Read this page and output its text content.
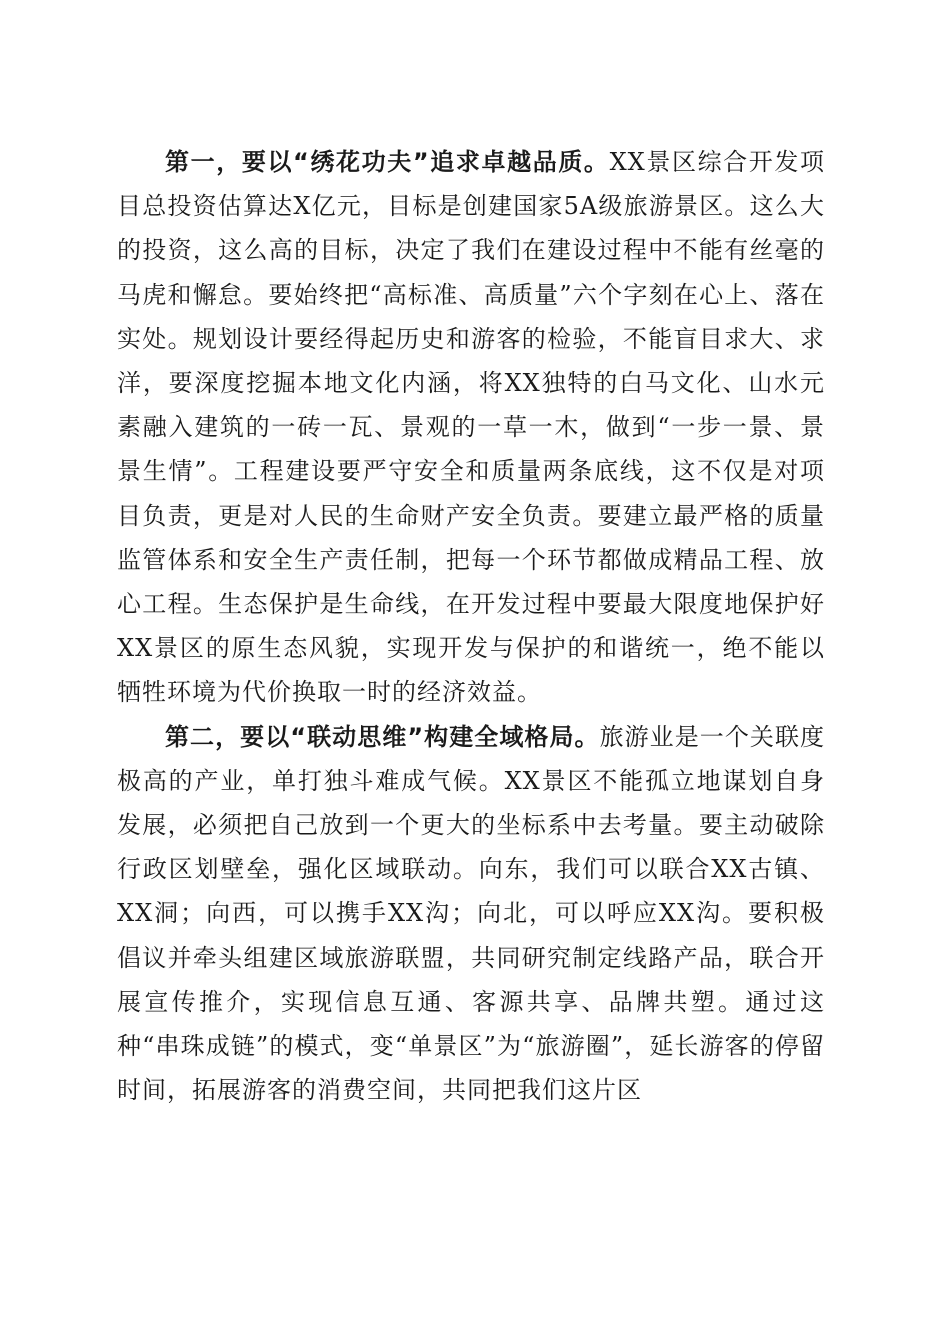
第一，要以“绣花功夫”追求卓越品质。XX景区综合开发项目总投资估算达X亿元，目标是创建国家5A级旅游景区。这么大的投资，这么高的目标，决定了我们在建设过程中不能有丝毫的马虎和懈怠。要始终把“高标准、高质量”六个字刻在心上、落在实处。规划设计要经得起历史和游客的检验，不能盲目求大、求洋，要深度挖掘本地文化内涵，将XX独特的白马文化、山水元素融入建筑的一砖一瓦、景观的一草一木，做到“一步一景、景景生情”。工程建设要严守安全和质量两条底线，这不仅是对项目负责，更是对人民的生命财产安全负责。要建立最严格的质量监管体系和安全生产责任制，把每一个环节都做成精品工程、放心工程。生态保护是生命线，在开发过程中要最大限度地保护好XX景区的原生态风貌，实现开发与保护的和谐统一，绝不能以牺牲环境为代价换取一时的经济效益。

第二，要以“联动思维”构建全域格局。旅游业是一个关联度极高的产业，单打独斗难成气候。XX景区不能孤立地谋划自身发展，必须把自己放到一个更大的坐标系中去考量。要主动破除行政区划壁垒，强化区域联动。向东，我们可以联合XX古镇、XX洞；向西，可以携手XX沟；向北，可以呼应XX沟。要积极倡议并牵头组建区域旅游联盟，共同研究制定线路产品，联合开展宣传推介，实现信息互通、客源共享、品牌共塑。通过这种“串珠成链”的模式，变“单景区”为“旅游圈”，延长游客的停留时间，拓展游客的消费空间，共同把我们这片区
